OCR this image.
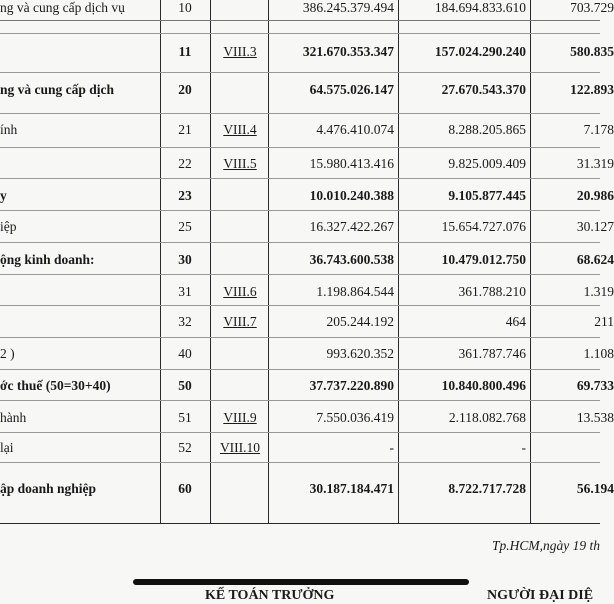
ng và cung cấp dịch vụ	10	386.245.379.494	184.694.833.610	703.729
11	VIII.3	321.670.353.347	157.024.290.240	580.835
ng và cung cấp dịch	20	64.575.026.147	27.670.543.370	122.893
ính	21	VIII.4	4.476.410.074	8.288.205.865	7.178
22	VIII.5	15.980.413.416	9.825.009.409	31.319
y	23	10.010.240.388	9.105.877.445	20.986
iệp	25	16.327.422.267	15.654.727.076	30.127
ộng kinh doanh:	30	36.743.600.538	10.479.012.750	68.624
31	VIII.6	1.198.864.544	361.788.210	1.319
32	VIII.7	205.244.192	464	211
2 )	40	993.620.352	361.787.746	1.108
ớc thuế (50=30+40)	50	37.737.220.890	10.840.800.496	69.733
hành	51	VIII.9	7.550.036.419	2.118.082.768	13.538
lại	52	VIII.10	-	-
ập doanh nghiệp	60	30.187.184.471	8.722.717.728	56.194
Tp.HCM,ngày 19 th
KẾ TOÁN TRƯỞNG	NGƯỜI ĐẠI DIỆ
